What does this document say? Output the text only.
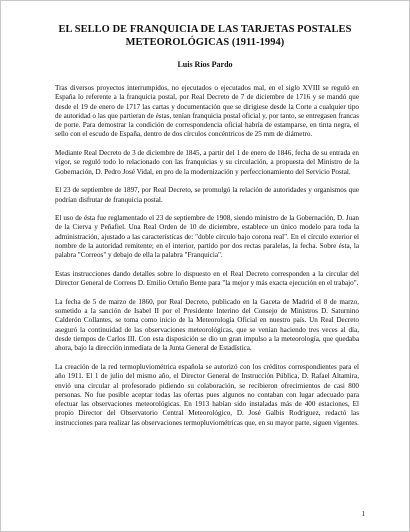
EL SELLO DE FRANQUICIA DE LAS TARJETAS POSTALES METEOROLÓGICAS (1911-1994)
Luis Ríos Pardo

Tras diversos proyectos interrumpidos, no ejecutados o ejecutados mal, en el siglo XVIII se reguló en España lo referente a la franquicia postal, por Real Decreto de 7 de diciembre de 1716 y se mandó que desde el 19 de enero de 1717 las cartas y documentación que se dirigiese desde la Corte a cualquier tipo de autoridad o las que partieran de éstas, tenían franquicia postal oficial y, por tanto, se entregasen francas de porte. Para demostrar la condición de correspondencia oficial habría de estamparse, en tinta negra, el sello con el escudo de España, dentro de dos círculos concéntricos de 25 mm de diámetro.

Mediante Real Decreto de 3 de diciembre de 1845, a partir del 1 de enero de 1846, fecha de su entrada en vigor, se reguló todo lo relacionado con las franquicias y su circulación, a propuesta del Ministro de la Gobernación, D. Pedro José Vidal, en pro de la modernización y perfeccionamiento del Servicio Postal.

El 23 de septiembre de 1897, por Real Decreto, se promulgó la relación de autoridades y organismos que podrían disfrutar de franquicia postal.

El uso de ésta fue reglamentado el 23 de septiembre de 1908, siendo ministro de la Gobernación, D. Juan de la Cierva y Peñafiel. Una Real Orden de 10 de diciembre, establece un único modelo para toda la administración, ajustado a las características de: "doble círculo bajo corona real". En el círculo exterior el nombre de la autoridad remitente; en el interior, partido por dos rectas paralelas, la fecha. Sobre ésta, la palabra "Correos" y debajo de ella la palabra "Franquicia".

Estas instrucciones dando detalles sobre lo dispuesto en el Real Decreto corresponden a la circular del Director General de Correos D. Emilio Ortuño Bente para "la mejor y más exacta ejecución en el trabajo".

La fecha de 5 de marzo de 1860, por Real Decreto, publicado en la Gaceta de Madrid el 8 de marzo, sometido a la sanción de Isabel II por el Presidente Interino del Consejo de Ministros D. Saturnino Calderón Collantes, se toma como inicio de la Meteorología Oficial en nuestro país. Un Real Decreto aseguró la continuidad de las observaciones meteorológicas, que se venían haciendo tres veces al día, desde tiempos de Carlos III. Con esta disposición se dio un gran impulso a la meteorología, que quedaba ahora, bajo la dirección inmediata de la Junta General de Estadística.

La creación de la red termopluviométrica española se autorizó con los créditos correspondientes para el año 1911. El 1 de julio del mismo año, el Director General de Instrucción Pública, D. Rafael Altamira, envió una circular al profesorado pidiendo su colaboración, se recibieron ofrecimientos de casi 800 personas. No fue posible aceptar todas las ofertas pues algunos no contaban con lugar adecuado para efectuar las observaciones meteorológicas. En 1913 habían sido instaladas más de 400 estaciones, El propio Director del Observatorio Central Meteorológico, D. José Galbis Rodríguez, redactó las instrucciones para realizar las observaciones termopluviométricas que, en su mayor parte, siguen vigentes.

1
